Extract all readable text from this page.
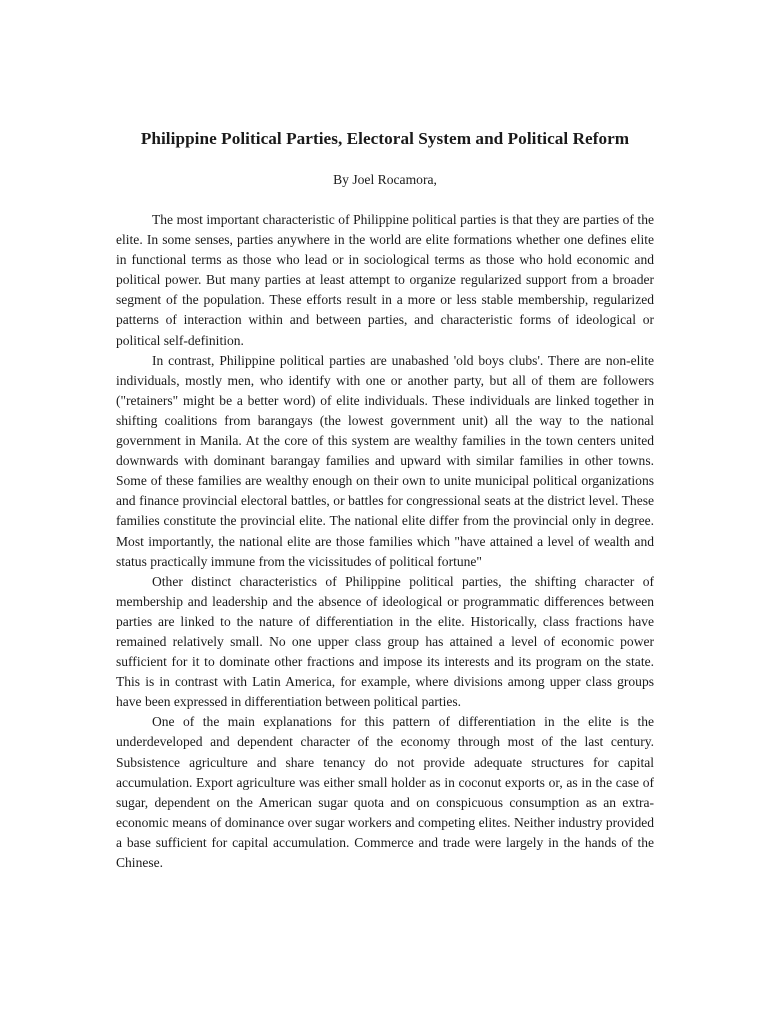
Philippine Political Parties, Electoral System and Political Reform
By Joel Rocamora,

The most important characteristic of Philippine political parties is that they are parties of the elite. In some senses, parties anywhere in the world are elite formations whether one defines elite in functional terms as those who lead or in sociological terms as those who hold economic and political power. But many parties at least attempt to organize regularized support from a broader segment of the population. These efforts result in a more or less stable membership, regularized patterns of interaction within and between parties, and characteristic forms of ideological or political self-definition.

In contrast, Philippine political parties are unabashed 'old boys clubs'. There are non-elite individuals, mostly men, who identify with one or another party, but all of them are followers ("retainers" might be a better word) of elite individuals. These individuals are linked together in shifting coalitions from barangays (the lowest government unit) all the way to the national government in Manila. At the core of this system are wealthy families in the town centers united downwards with dominant barangay families and upward with similar families in other towns. Some of these families are wealthy enough on their own to unite municipal political organizations and finance provincial electoral battles, or battles for congressional seats at the district level. These families constitute the provincial elite. The national elite differ from the provincial only in degree. Most importantly, the national elite are those families which "have attained a level of wealth and status practically immune from the vicissitudes of political fortune"

Other distinct characteristics of Philippine political parties, the shifting character of membership and leadership and the absence of ideological or programmatic differences between parties are linked to the nature of differentiation in the elite. Historically, class fractions have remained relatively small. No one upper class group has attained a level of economic power sufficient for it to dominate other fractions and impose its interests and its program on the state. This is in contrast with Latin America, for example, where divisions among upper class groups have been expressed in differentiation between political parties.

One of the main explanations for this pattern of differentiation in the elite is the underdeveloped and dependent character of the economy through most of the last century. Subsistence agriculture and share tenancy do not provide adequate structures for capital accumulation. Export agriculture was either small holder as in coconut exports or, as in the case of sugar, dependent on the American sugar quota and on conspicuous consumption as an extra-economic means of dominance over sugar workers and competing elites. Neither industry provided a base sufficient for capital accumulation. Commerce and trade were largely in the hands of the Chinese.
